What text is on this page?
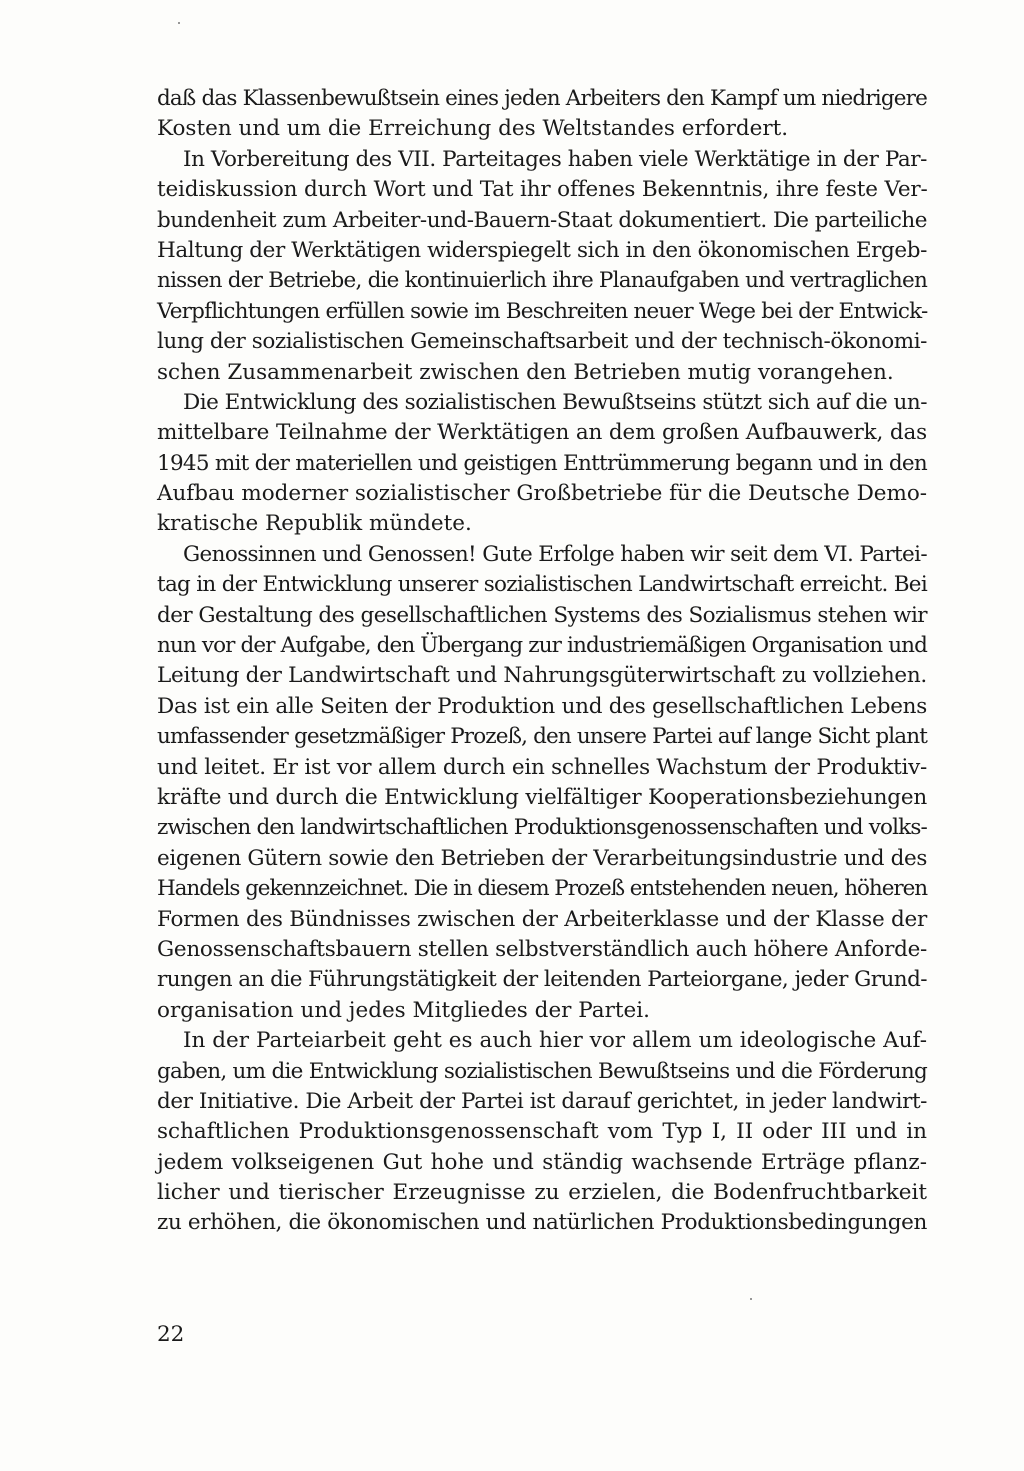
daß das Klassenbewußtsein eines jeden Arbeiters den Kampf um niedrigere
Kosten und um die Erreichung des Weltstandes erfordert.
In Vorbereitung des VII. Parteitages haben viele Werktätige in der Par-
teidiskussion durch Wort und Tat ihr offenes Bekenntnis, ihre feste Ver-
bundenheit zum Arbeiter-und-Bauern-Staat dokumentiert. Die parteiliche
Haltung der Werktätigen widerspiegelt sich in den ökonomischen Ergeb-
nissen der Betriebe, die kontinuierlich ihre Planaufgaben und vertraglichen
Verpflichtungen erfüllen sowie im Beschreiten neuer Wege bei der Entwick-
lung der sozialistischen Gemeinschaftsarbeit und der technisch-ökonomi-
schen Zusammenarbeit zwischen den Betrieben mutig vorangehen.
Die Entwicklung des sozialistischen Bewußtseins stützt sich auf die un-
mittelbare Teilnahme der Werktätigen an dem großen Aufbauwerk, das
1945 mit der materiellen und geistigen Enttrümmerung begann und in den
Aufbau moderner sozialistischer Großbetriebe für die Deutsche Demo-
kratische Republik mündete.
Genossinnen und Genossen! Gute Erfolge haben wir seit dem VI. Partei-
tag in der Entwicklung unserer sozialistischen Landwirtschaft erreicht. Bei
der Gestaltung des gesellschaftlichen Systems des Sozialismus stehen wir
nun vor der Aufgabe, den Übergang zur industriemäßigen Organisation und
Leitung der Landwirtschaft und Nahrungsgüterwirtschaft zu vollziehen.
Das ist ein alle Seiten der Produktion und des gesellschaftlichen Lebens
umfassender gesetzmäßiger Prozeß, den unsere Partei auf lange Sicht plant
und leitet. Er ist vor allem durch ein schnelles Wachstum der Produktiv-
kräfte und durch die Entwicklung vielfältiger Kooperationsbeziehungen
zwischen den landwirtschaftlichen Produktionsgenossenschaften und volks-
eigenen Gütern sowie den Betrieben der Verarbeitungsindustrie und des
Handels gekennzeichnet. Die in diesem Prozeß entstehenden neuen, höheren
Formen des Bündnisses zwischen der Arbeiterklasse und der Klasse der
Genossenschaftsbauern stellen selbstverständlich auch höhere Anforde-
rungen an die Führungstätigkeit der leitenden Parteiorgane, jeder Grund-
organisation und jedes Mitgliedes der Partei.
In der Parteiarbeit geht es auch hier vor allem um ideologische Auf-
gaben, um die Entwicklung sozialistischen Bewußtseins und die Förderung
der Initiative. Die Arbeit der Partei ist darauf gerichtet, in jeder landwirt-
schaftlichen Produktionsgenossenschaft vom Typ I, II oder III und in
jedem volkseigenen Gut hohe und ständig wachsende Erträge pflanz-
licher und tierischer Erzeugnisse zu erzielen, die Bodenfruchtbarkeit
zu erhöhen, die ökonomischen und natürlichen Produktionsbedingungen
22
